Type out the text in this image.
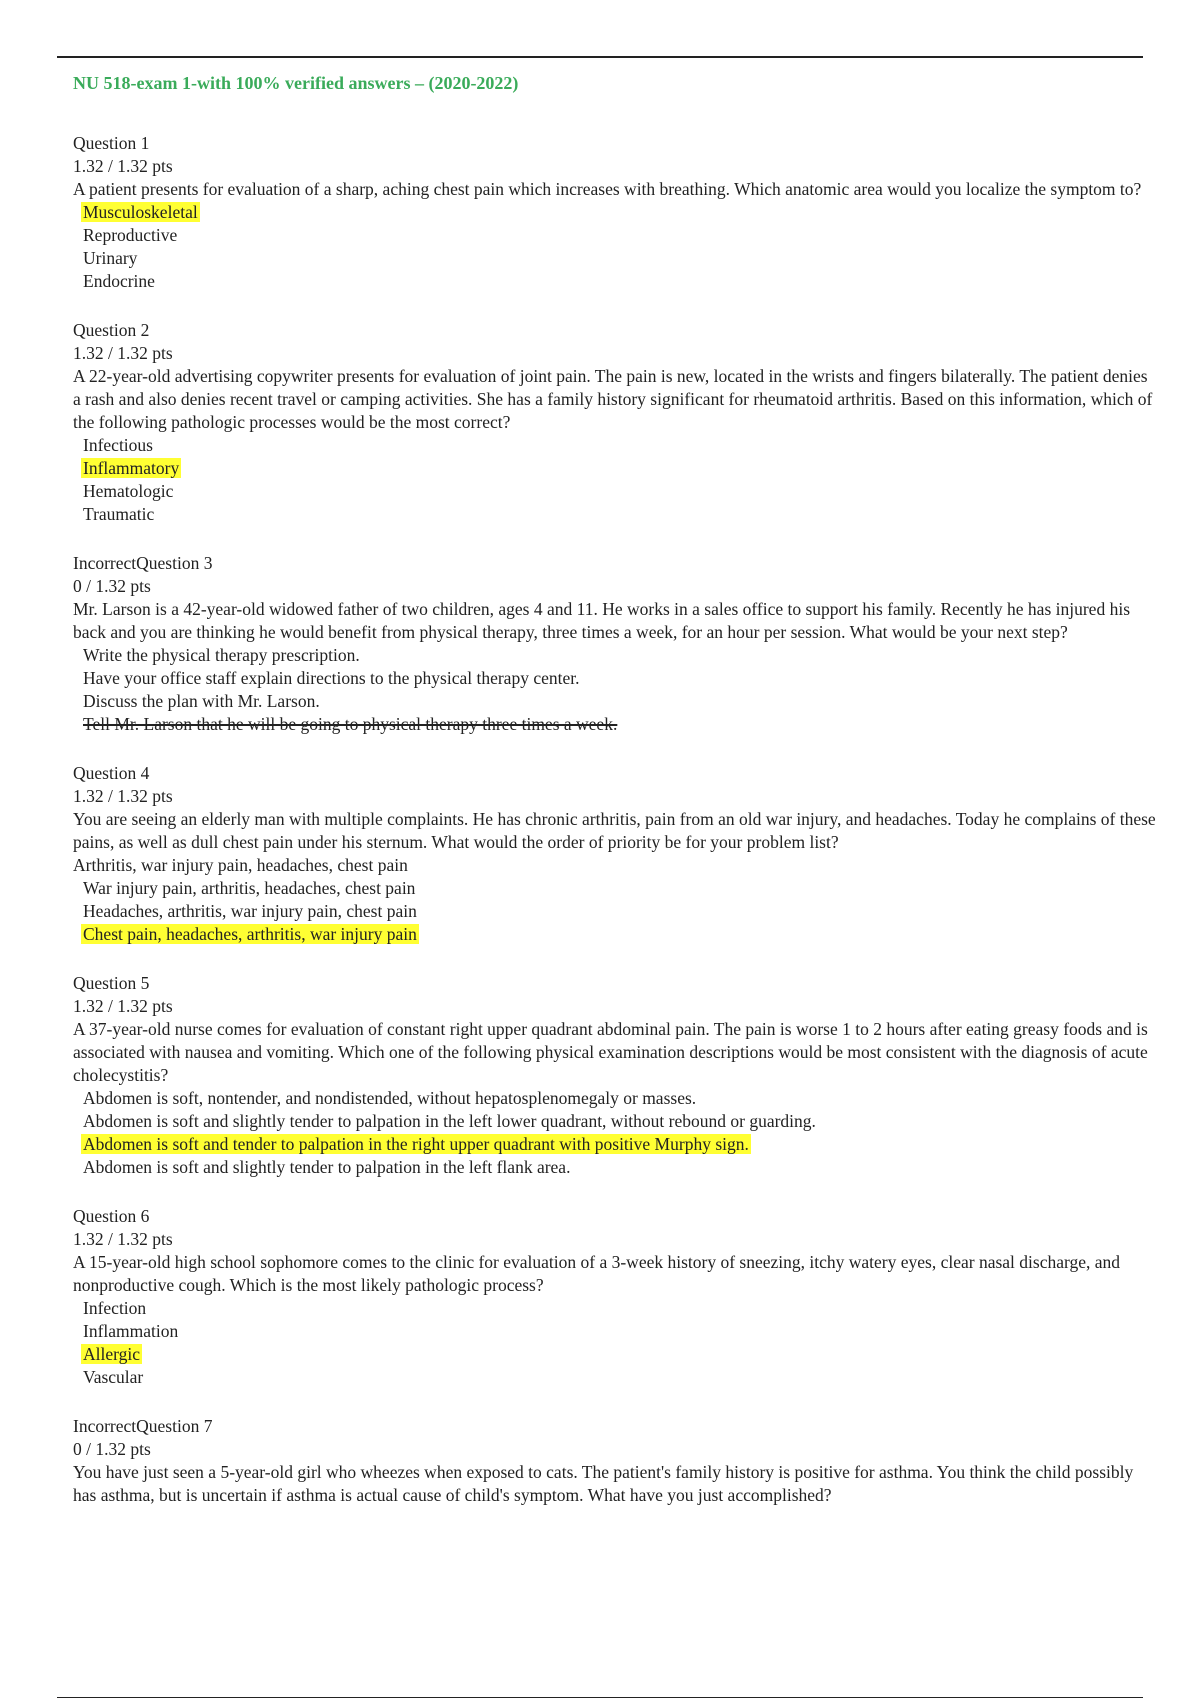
NU 518-exam 1-with 100% verified answers – (2020-2022)
Question 1
1.32 / 1.32 pts
A patient presents for evaluation of a sharp, aching chest pain which increases with breathing. Which anatomic area would you localize the symptom to?
Musculoskeletal
Reproductive
Urinary
Endocrine
Question 2
1.32 / 1.32 pts
A 22-year-old advertising copywriter presents for evaluation of joint pain. The pain is new, located in the wrists and fingers bilaterally. The patient denies a rash and also denies recent travel or camping activities. She has a family history significant for rheumatoid arthritis. Based on this information, which of the following pathologic processes would be the most correct?
Infectious
Inflammatory
Hematologic
Traumatic
IncorrectQuestion 3
0 / 1.32 pts
Mr. Larson is a 42-year-old widowed father of two children, ages 4 and 11. He works in a sales office to support his family. Recently he has injured his back and you are thinking he would benefit from physical therapy, three times a week, for an hour per session. What would be your next step?
Write the physical therapy prescription.
Have your office staff explain directions to the physical therapy center.
Discuss the plan with Mr. Larson.
Tell Mr. Larson that he will be going to physical therapy three times a week.
Question 4
1.32 / 1.32 pts
You are seeing an elderly man with multiple complaints. He has chronic arthritis, pain from an old war injury, and headaches. Today he complains of these pains, as well as dull chest pain under his sternum. What would the order of priority be for your problem list?
Arthritis, war injury pain, headaches, chest pain
War injury pain, arthritis, headaches, chest pain
Headaches, arthritis, war injury pain, chest pain
Chest pain, headaches, arthritis, war injury pain
Question 5
1.32 / 1.32 pts
A 37-year-old nurse comes for evaluation of constant right upper quadrant abdominal pain. The pain is worse 1 to 2 hours after eating greasy foods and is associated with nausea and vomiting. Which one of the following physical examination descriptions would be most consistent with the diagnosis of acute cholecystitis?
Abdomen is soft, nontender, and nondistended, without hepatosplenomegaly or masses.
Abdomen is soft and slightly tender to palpation in the left lower quadrant, without rebound or guarding.
Abdomen is soft and tender to palpation in the right upper quadrant with positive Murphy sign.
Abdomen is soft and slightly tender to palpation in the left flank area.
Question 6
1.32 / 1.32 pts
A 15-year-old high school sophomore comes to the clinic for evaluation of a 3-week history of sneezing, itchy watery eyes, clear nasal discharge, and nonproductive cough. Which is the most likely pathologic process?
Infection
Inflammation
Allergic
Vascular
IncorrectQuestion 7
0 / 1.32 pts
You have just seen a 5-year-old girl who wheezes when exposed to cats. The patient's family history is positive for asthma. You think the child possibly has asthma, but is uncertain if asthma is actual cause of child's symptom. What have you just accomplished?
